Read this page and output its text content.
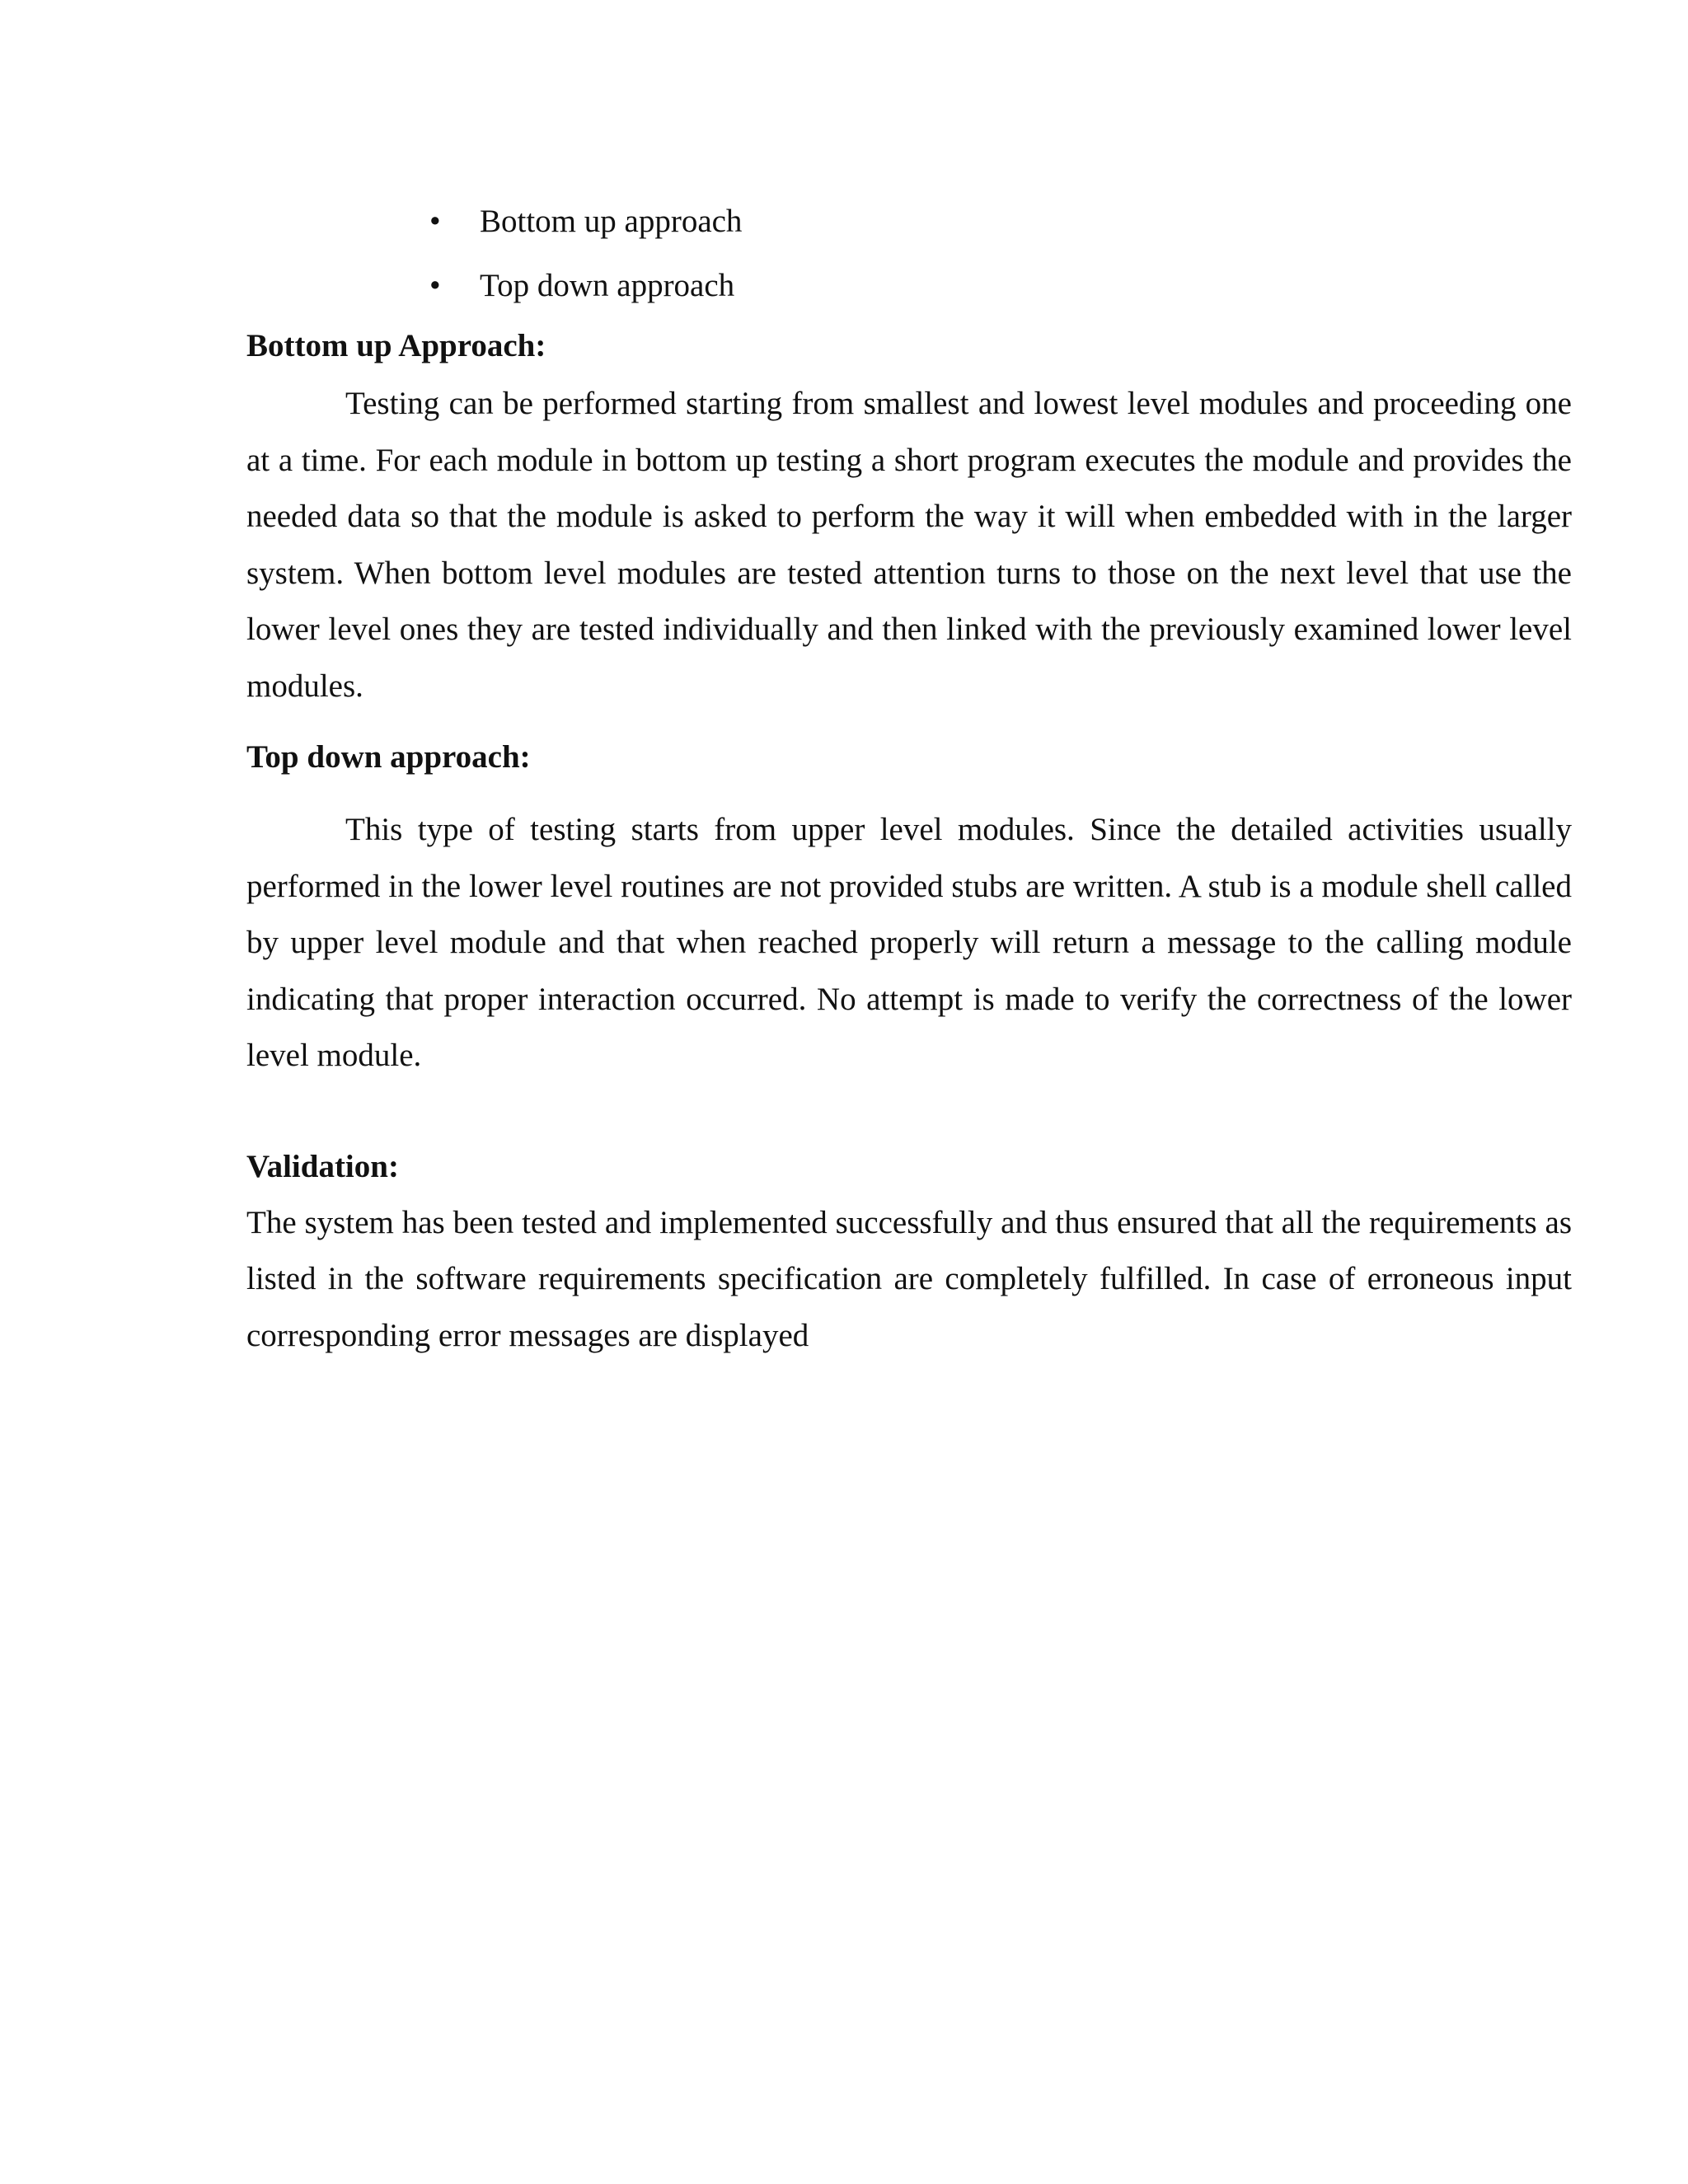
• Bottom up approach
• Top down approach
Bottom up Approach:

Testing can be performed starting from smallest and lowest level modules and proceeding one at a time. For each module in bottom up testing a short program executes the module and provides the needed data so that the module is asked to perform the way it will when embedded with in the larger system. When bottom level modules are tested attention turns to those on the next level that use the lower level ones they are tested individually and then linked with the previously examined lower level modules.

Top down approach:

This type of testing starts from upper level modules. Since the detailed activities usually performed in the lower level routines are not provided stubs are written. A stub is a module shell called by upper level module and that when reached properly will return a message to the calling module indicating that proper interaction occurred. No attempt is made to verify the correctness of the lower level module.

Validation:

The system has been tested and implemented successfully and thus ensured that all the requirements as listed in the software requirements specification are completely fulfilled. In case of erroneous input corresponding error messages are displayed
